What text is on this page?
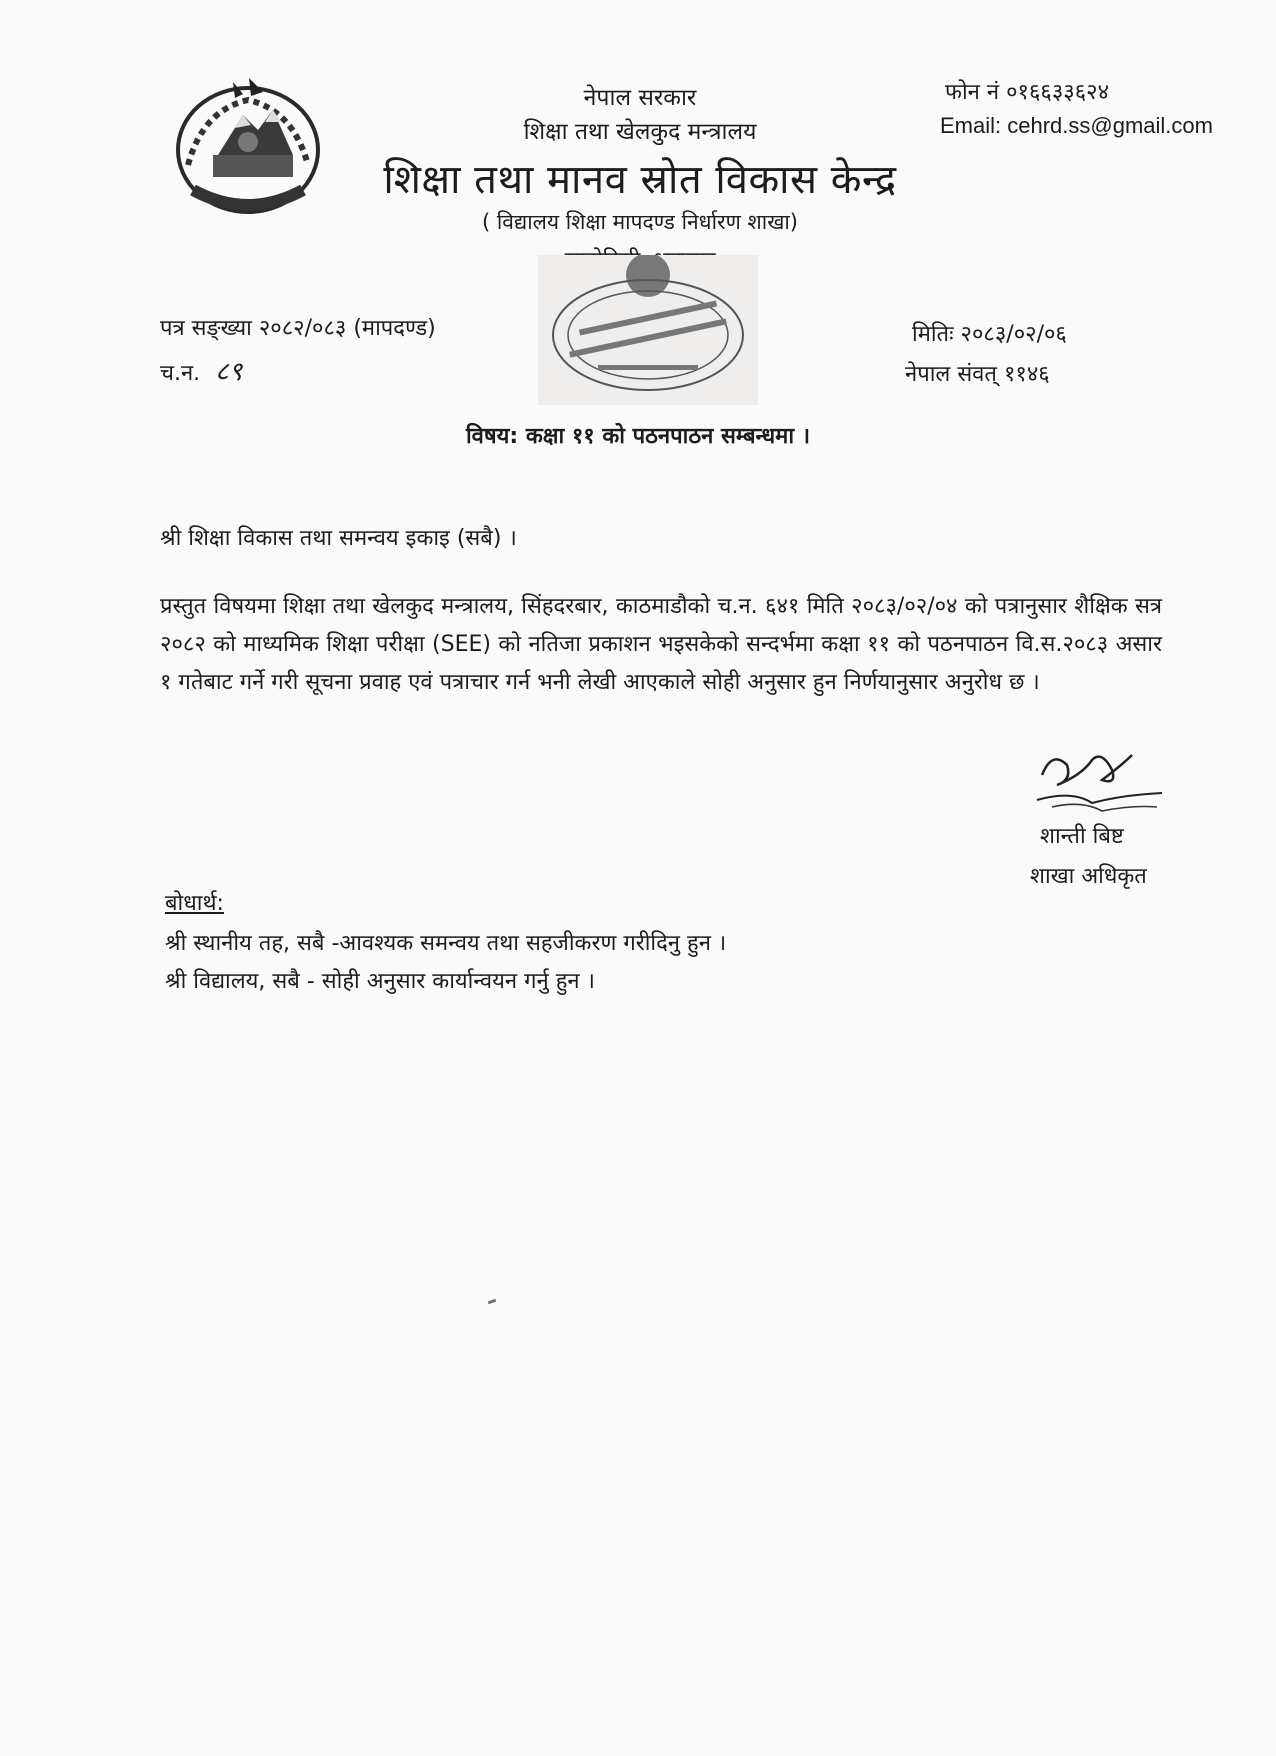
नेपाल सरकार
शिक्षा तथा खेलकुद मन्त्रालय
शिक्षा तथा मानव स्रोत विकास केन्द्र
( विद्यालय शिक्षा मापदण्ड निर्धारण शाखा)
फोन नं ०१६६३३६२४
Email: cehrd.ss@gmail.com
पत्र सङ्ख्या २०८२/०८३ (मापदण्ड)
च.न. ८९
मितिः २०८३/०२/०६
नेपाल संवत् ११४६
विषय: कक्षा ११ को पठनपाठन सम्बन्धमा ।
श्री शिक्षा विकास तथा समन्वय इकाइ (सबै) ।
प्रस्तुत विषयमा शिक्षा तथा खेलकुद मन्त्रालय, सिंहदरबार, काठमाडौको च.न. ६४१ मिति २०८३/०२/०४ को पत्रानुसार शैक्षिक सत्र २०८२ को माध्यमिक शिक्षा परीक्षा (SEE) को नतिजा प्रकाशन भइसकेको सन्दर्भमा कक्षा ११ को पठनपाठन वि.स.२०८३ असार १ गतेबाट गर्ने गरी सूचना प्रवाह एवं पत्राचार गर्न भनी लेखी आएकाले सोही अनुसार हुन निर्णयानुसार अनुरोध छ ।
शान्ती बिष्ट
शाखा अधिकृत
बोधार्थ:
श्री स्थानीय तह, सबै -आवश्यक समन्वय तथा सहजीकरण गरीदिनु हुन ।
श्री विद्यालय, सबै - सोही अनुसार कार्यान्वयन गर्नु हुन ।
